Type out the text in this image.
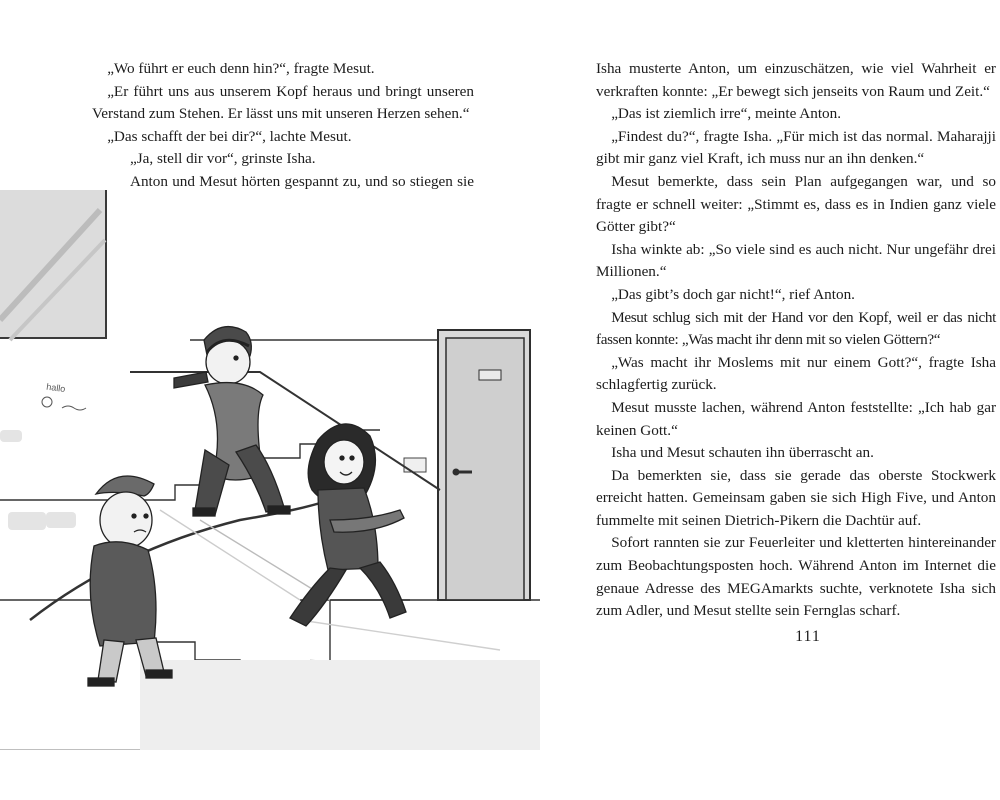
„Wo führt er euch denn hin?“, fragte Mesut.

„Er führt uns aus unserem Kopf heraus und bringt unseren Verstand zum Stehen. Er lässt uns mit unseren Herzen sehen.“

„Das schafft der bei dir?“, lachte Mesut.

„Ja, stell dir vor“, grinste Isha.

Anton und Mesut hörten gespannt zu, und so stiegen sie

hallo

Isha musterte Anton, um einzuschätzen, wie viel Wahrheit er verkraften konnte: „Er bewegt sich jenseits von Raum und Zeit.“

„Das ist ziemlich irre“, meinte Anton.

„Findest du?“, fragte Isha. „Für mich ist das normal. Maharajji gibt mir ganz viel Kraft, ich muss nur an ihn denken.“

Mesut bemerkte, dass sein Plan aufgegangen war, und so fragte er schnell weiter: „Stimmt es, dass es in Indien ganz viele Götter gibt?“

Isha winkte ab: „So viele sind es auch nicht. Nur ungefähr drei Millionen.“

„Das gibt’s doch gar nicht!“, rief Anton.

Mesut schlug sich mit der Hand vor den Kopf, weil er das nicht fassen konnte: „Was macht ihr denn mit so vielen Göttern?“

„Was macht ihr Moslems mit nur einem Gott?“, fragte Isha schlagfertig zurück.

Mesut musste lachen, während Anton feststellte: „Ich hab gar keinen Gott.“

Isha und Mesut schauten ihn überrascht an.

Da bemerkten sie, dass sie gerade das oberste Stockwerk erreicht hatten. Gemeinsam gaben sie sich High Five, und Anton fummelte mit seinen Dietrich-Pikern die Dachtür auf.

Sofort rannten sie zur Feuerleiter und kletterten hintereinander zum Beobachtungsposten hoch. Während Anton im Internet die genaue Adresse des MEGAmarkts suchte, verknotete Isha sich zum Adler, und Mesut stellte sein Fernglas scharf.

111
